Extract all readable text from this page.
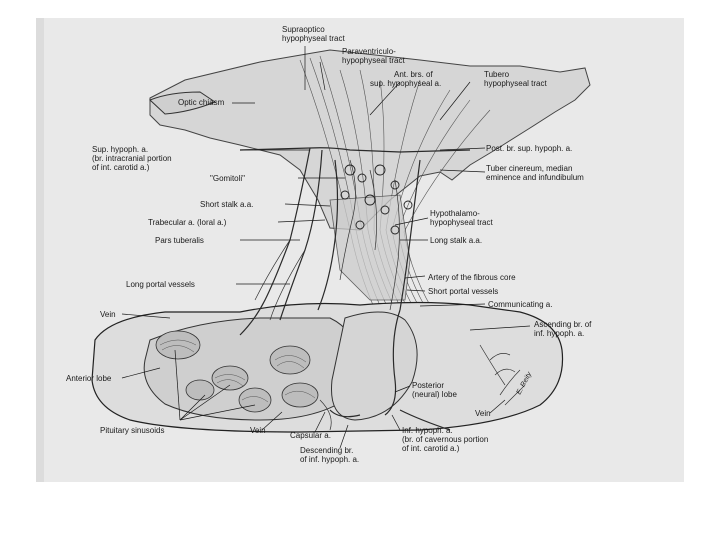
Supraoptico hypophyseal tract
Paraventriculo-hypophyseal tract
Ant. brs. of sup. hypophyseal a.
Tubero hypophyseal tract
Optic chiasm
Sup. hypoph. a. (br. intracranial portion of int. carotid a.)
Post. br. sup. hypoph. a.
Tuber cinereum, median eminence and infundibulum
"Gomitoli"
Short stalk a.a.
Trabecular a. (loral a.)
Hypothalamo-hypophyseal tract
Pars tuberalis	Long stalk a.a.
Artery of the fibrous core
Long portal vessels
Short portal vessels
Communicating a.
Vein
Ascending br. of inf. hypoph. a.
Anterior lobe
Posterior (neural) lobe
Vein
Pituitary sinusoids	Vein
Capsular a.
Inf. hypoph. a. (br. of cavernous portion of int. carotid a.)
Descending br. of inf. hypoph. a.
E. Reity
